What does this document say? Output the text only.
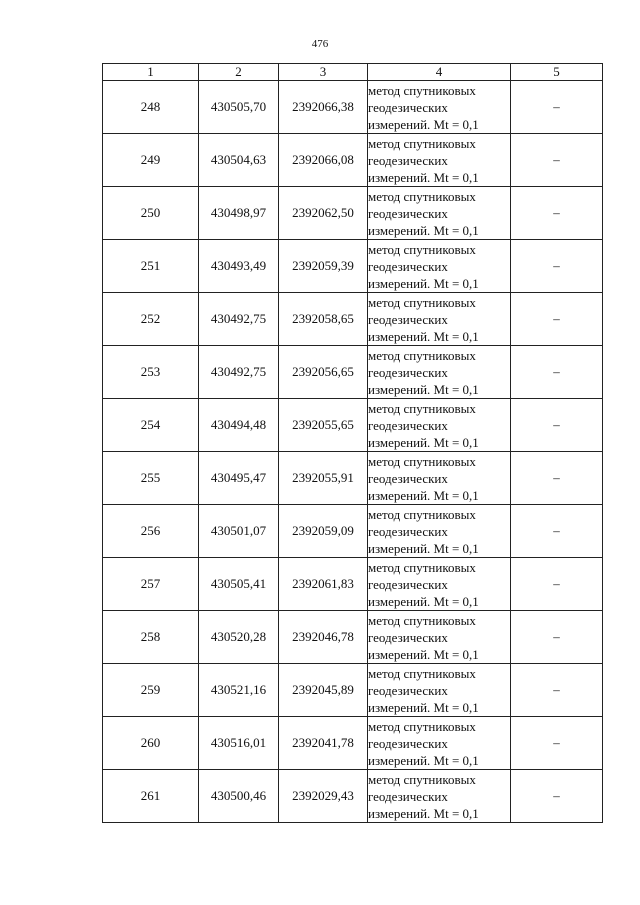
476
1	2	3	4	5
248	430505,70	2392066,38	метод спутниковых
геодезических
измерений. Mt = 0,1	–
249	430504,63	2392066,08	метод спутниковых
геодезических
измерений. Mt = 0,1	–
250	430498,97	2392062,50	метод спутниковых
геодезических
измерений. Mt = 0,1	–
251	430493,49	2392059,39	метод спутниковых
геодезических
измерений. Mt = 0,1	–
252	430492,75	2392058,65	метод спутниковых
геодезических
измерений. Mt = 0,1	–
253	430492,75	2392056,65	метод спутниковых
геодезических
измерений. Mt = 0,1	–
254	430494,48	2392055,65	метод спутниковых
геодезических
измерений. Mt = 0,1	–
255	430495,47	2392055,91	метод спутниковых
геодезических
измерений. Mt = 0,1	–
256	430501,07	2392059,09	метод спутниковых
геодезических
измерений. Mt = 0,1	–
257	430505,41	2392061,83	метод спутниковых
геодезических
измерений. Mt = 0,1	–
258	430520,28	2392046,78	метод спутниковых
геодезических
измерений. Mt = 0,1	–
259	430521,16	2392045,89	метод спутниковых
геодезических
измерений. Mt = 0,1	–
260	430516,01	2392041,78	метод спутниковых
геодезических
измерений. Mt = 0,1	–
261	430500,46	2392029,43	метод спутниковых
геодезических
измерений. Mt = 0,1	–
